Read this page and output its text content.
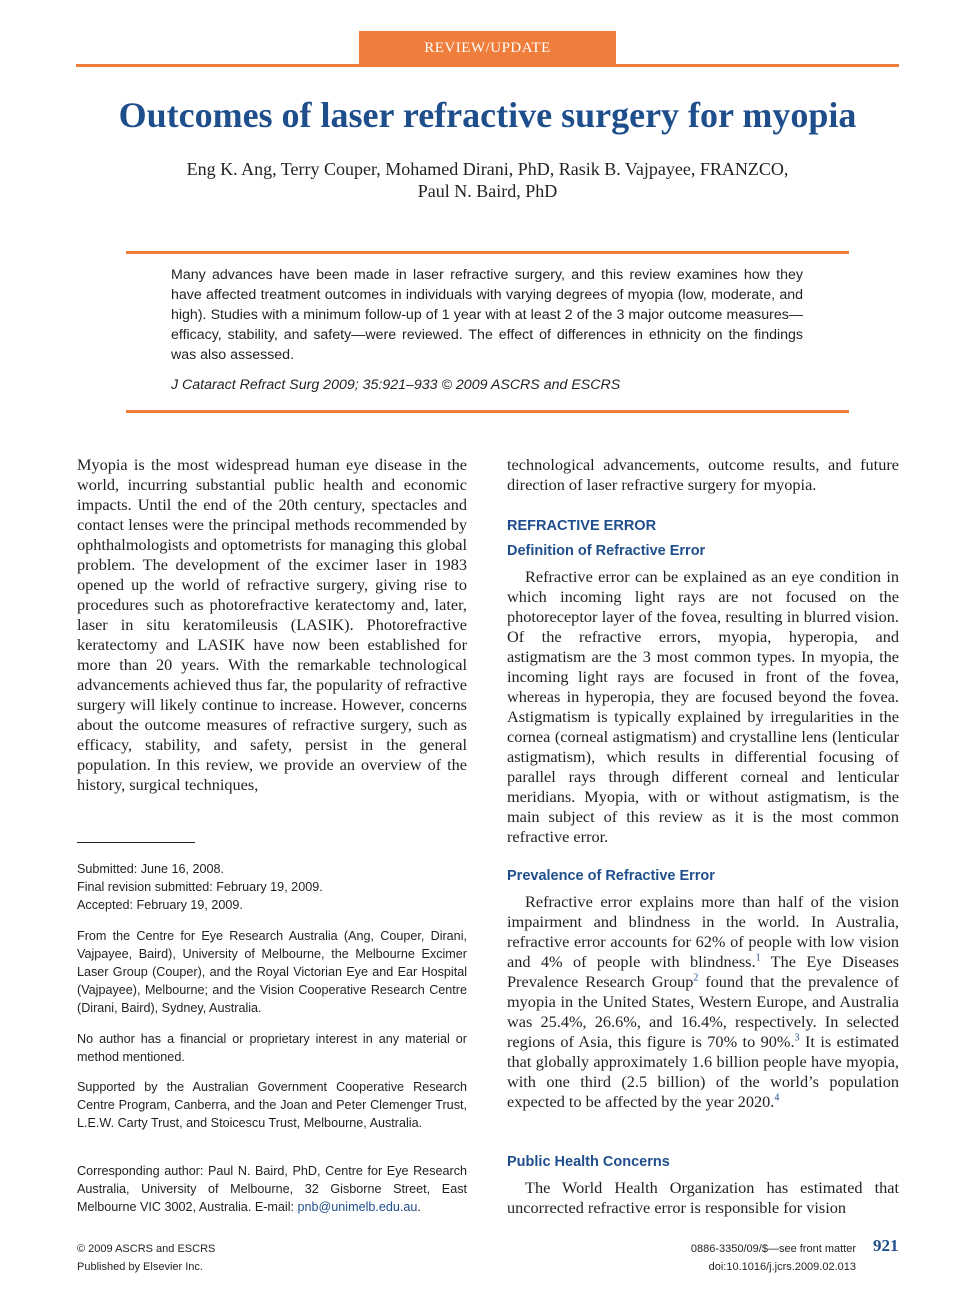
REVIEW/UPDATE
Outcomes of laser refractive surgery for myopia
Eng K. Ang, Terry Couper, Mohamed Dirani, PhD, Rasik B. Vajpayee, FRANZCO,
Paul N. Baird, PhD
Many advances have been made in laser refractive surgery, and this review examines how they have affected treatment outcomes in individuals with varying degrees of myopia (low, moderate, and high). Studies with a minimum follow-up of 1 year with at least 2 of the 3 major outcome measures—efficacy, stability, and safety—were reviewed. The effect of differences in ethnicity on the findings was also assessed.
J Cataract Refract Surg 2009; 35:921–933 © 2009 ASCRS and ESCRS

Myopia is the most widespread human eye disease in the world, incurring substantial public health and economic impacts. Until the end of the 20th century, spectacles and contact lenses were the principal methods recommended by ophthalmologists and optometrists for managing this global problem. The development of the excimer laser in 1983 opened up the world of refractive surgery, giving rise to procedures such as photorefractive keratectomy and, later, laser in situ keratomileusis (LASIK). Photorefractive keratectomy and LASIK have now been established for more than 20 years. With the remarkable technological advancements achieved thus far, the popularity of refractive surgery will likely continue to increase. However, concerns about the outcome measures of refractive surgery, such as efficacy, stability, and safety, persist in the general population. In this review, we provide an overview of the history, surgical techniques,

Submitted: June 16, 2008.

Final revision submitted: February 19, 2009.

Accepted: February 19, 2009.

From the Centre for Eye Research Australia (Ang, Couper, Dirani, Vajpayee, Baird), University of Melbourne, the Melbourne Excimer Laser Group (Couper), and the Royal Victorian Eye and Ear Hospital (Vajpayee), Melbourne; and the Vision Cooperative Research Centre (Dirani, Baird), Sydney, Australia.
No author has a financial or proprietary interest in any material or method mentioned.
Supported by the Australian Government Cooperative Research Centre Program, Canberra, and the Joan and Peter Clemenger Trust, L.E.W. Carty Trust, and Stoicescu Trust, Melbourne, Australia.
Corresponding author: Paul N. Baird, PhD, Centre for Eye Research Australia, University of Melbourne, 32 Gisborne Street, East Melbourne VIC 3002, Australia. E-mail: pnb@unimelb.edu.au.
technological advancements, outcome results, and future direction of laser refractive surgery for myopia.
REFRACTIVE ERROR
Definition of Refractive Error

Refractive error can be explained as an eye condition in which incoming light rays are not focused on the photoreceptor layer of the fovea, resulting in blurred vision. Of the refractive errors, myopia, hyperopia, and astigmatism are the 3 most common types. In myopia, the incoming light rays are focused in front of the fovea, whereas in hyperopia, they are focused beyond the fovea. Astigmatism is typically explained by irregularities in the cornea (corneal astigmatism) and crystalline lens (lenticular astigmatism), which results in differential focusing of parallel rays through different corneal and lenticular meridians. Myopia, with or without astigmatism, is the main subject of this review as it is the most common refractive error.

Prevalence of Refractive Error

Refractive error explains more than half of the vision impairment and blindness in the world. In Australia, refractive error accounts for 62% of people with low vision and 4% of people with blindness.$^1$ The Eye Diseases Prevalence Research Group$^2$ found that the prevalence of myopia in the United States, Western Europe, and Australia was 25.4%, 26.6%, and 16.4%, respectively. In selected regions of Asia, this figure is 70% to 90%.$^3$ It is estimated that globally approximately 1.6 billion people have myopia, with one third (2.5 billion) of the world’s population expected to be affected by the year 2020.$^4$

Public Health Concerns

The World Health Organization has estimated that uncorrected refractive error is responsible for vision

© 2009 ASCRS and ESCRS
Published by Elsevier Inc.
0886-3350/09/$—see front matter
doi:10.1016/j.jcrs.2009.02.013
921
